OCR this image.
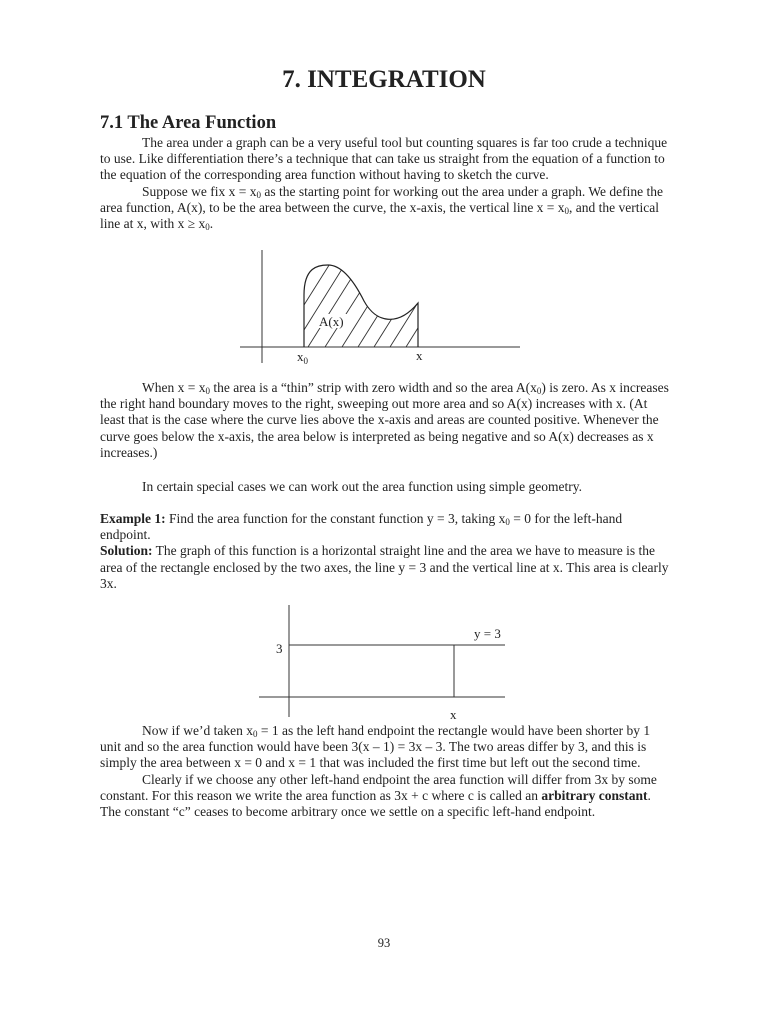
7. INTEGRATION
7.1 The Area Function

The area under a graph can be a very useful tool but counting squares is far too crude a technique to use. Like differentiation there’s a technique that can take us straight from the equation of a function to the equation of the corresponding area function without having to sketch the curve.

Suppose we fix $x = x_0$ as the starting point for working out the area under a graph. We define the area function, A(x), to be the area between the curve, the x-axis, the vertical line $x = x_0$, and the vertical line at x, with $x \ge x_0$.

A(x)
$x_0$	x

When $x = x_0$ the area is a “thin” strip with zero width and so the area $A(x_0)$ is zero. As x increases the right hand boundary moves to the right, sweeping out more area and so A(x) increases with x. (At least that is the case where the curve lies above the x-axis and areas are counted positive. Whenever the curve goes below the x-axis, the area below is interpreted as being negative and so A(x) decreases as x increases.)

In certain special cases we can work out the area function using simple geometry.

Example 1: Find the area function for the constant function y = 3, taking $x_0 = 0$ for the left-hand endpoint.

Solution: The graph of this function is a horizontal straight line and the area we have to measure is the area of the rectangle enclosed by the two axes, the line y = 3 and the vertical line at x. This area is clearly 3x.

3
y = 3
x

Now if we’d taken $x_0 = 1$ as the left hand endpoint the rectangle would have been shorter by 1 unit and so the area function would have been 3(x – 1) = 3x – 3. The two areas differ by 3, and this is simply the area between x = 0 and x = 1 that was included the first time but left out the second time.

Clearly if we choose any other left-hand endpoint the area function will differ from 3x by some constant. For this reason we write the area function as 3x + c where c is called an arbitrary constant. The constant “c” ceases to become arbitrary once we settle on a specific left-hand endpoint.

93
